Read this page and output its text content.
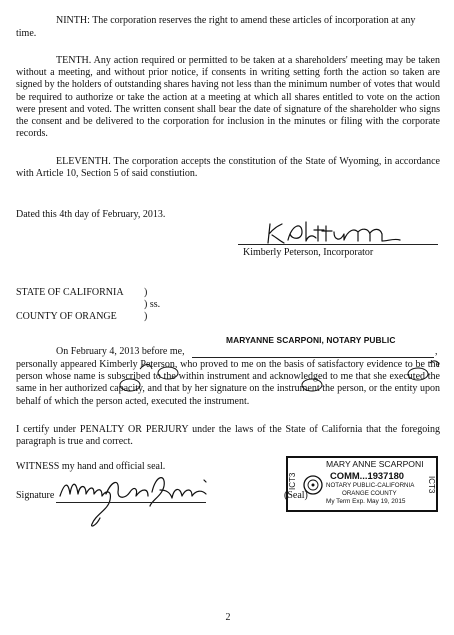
NINTH: The corporation reserves the right to amend these articles of incorporation at any

time.

TENTH. Any action required or permitted to be taken at a shareholders' meeting may be taken without a meeting, and without prior notice, if consents in writing setting forth the action so taken are signed by the holders of outstanding shares having not less than the minimum number of votes that would be required to authorize or take the action at a meeting at which all shares entitled to vote on the action were present and voted. The written consent shall bear the date of signature of the shareholder who signs the consent and be delivered to the corporation for inclusion in the minutes or filing with the corporate records.

ELEVENTH. The corporation accepts the constitution of the State of Wyoming, in accordance with Article 10, Section 5 of said constiution.

Dated this 4th day of February, 2013.

Kimberly Peterson, Incorporator

STATE OF CALIFORNIA	)

) ss.

COUNTY OF ORANGE	)

MARYANNE SCARPONI, NOTARY PUBLIC

On February 4, 2013 before me,	,

personally appeared Kimberly Peterson, who proved to me on the basis of satisfactory evidence to be the person whose name is subscribed to the within instrument and acknowledged to me that she executed the same in her authorized capacity, and that by her signature on the instrument the person, or the entity upon behalf of which the person acted, executed the instrument.

I certify under PENALTY OR PERJURY under the laws of the State of California that the foregoing paragraph is true and correct.

WITNESS my hand and official seal.

Signature	(Seal)

ICT3	ICT3
MARY ANNE SCARPONI
COMM...1937180
NOTARY PUBLIC-CALIFORNIA
ORANGE COUNTY
My Term Exp. May 19, 2015

2
